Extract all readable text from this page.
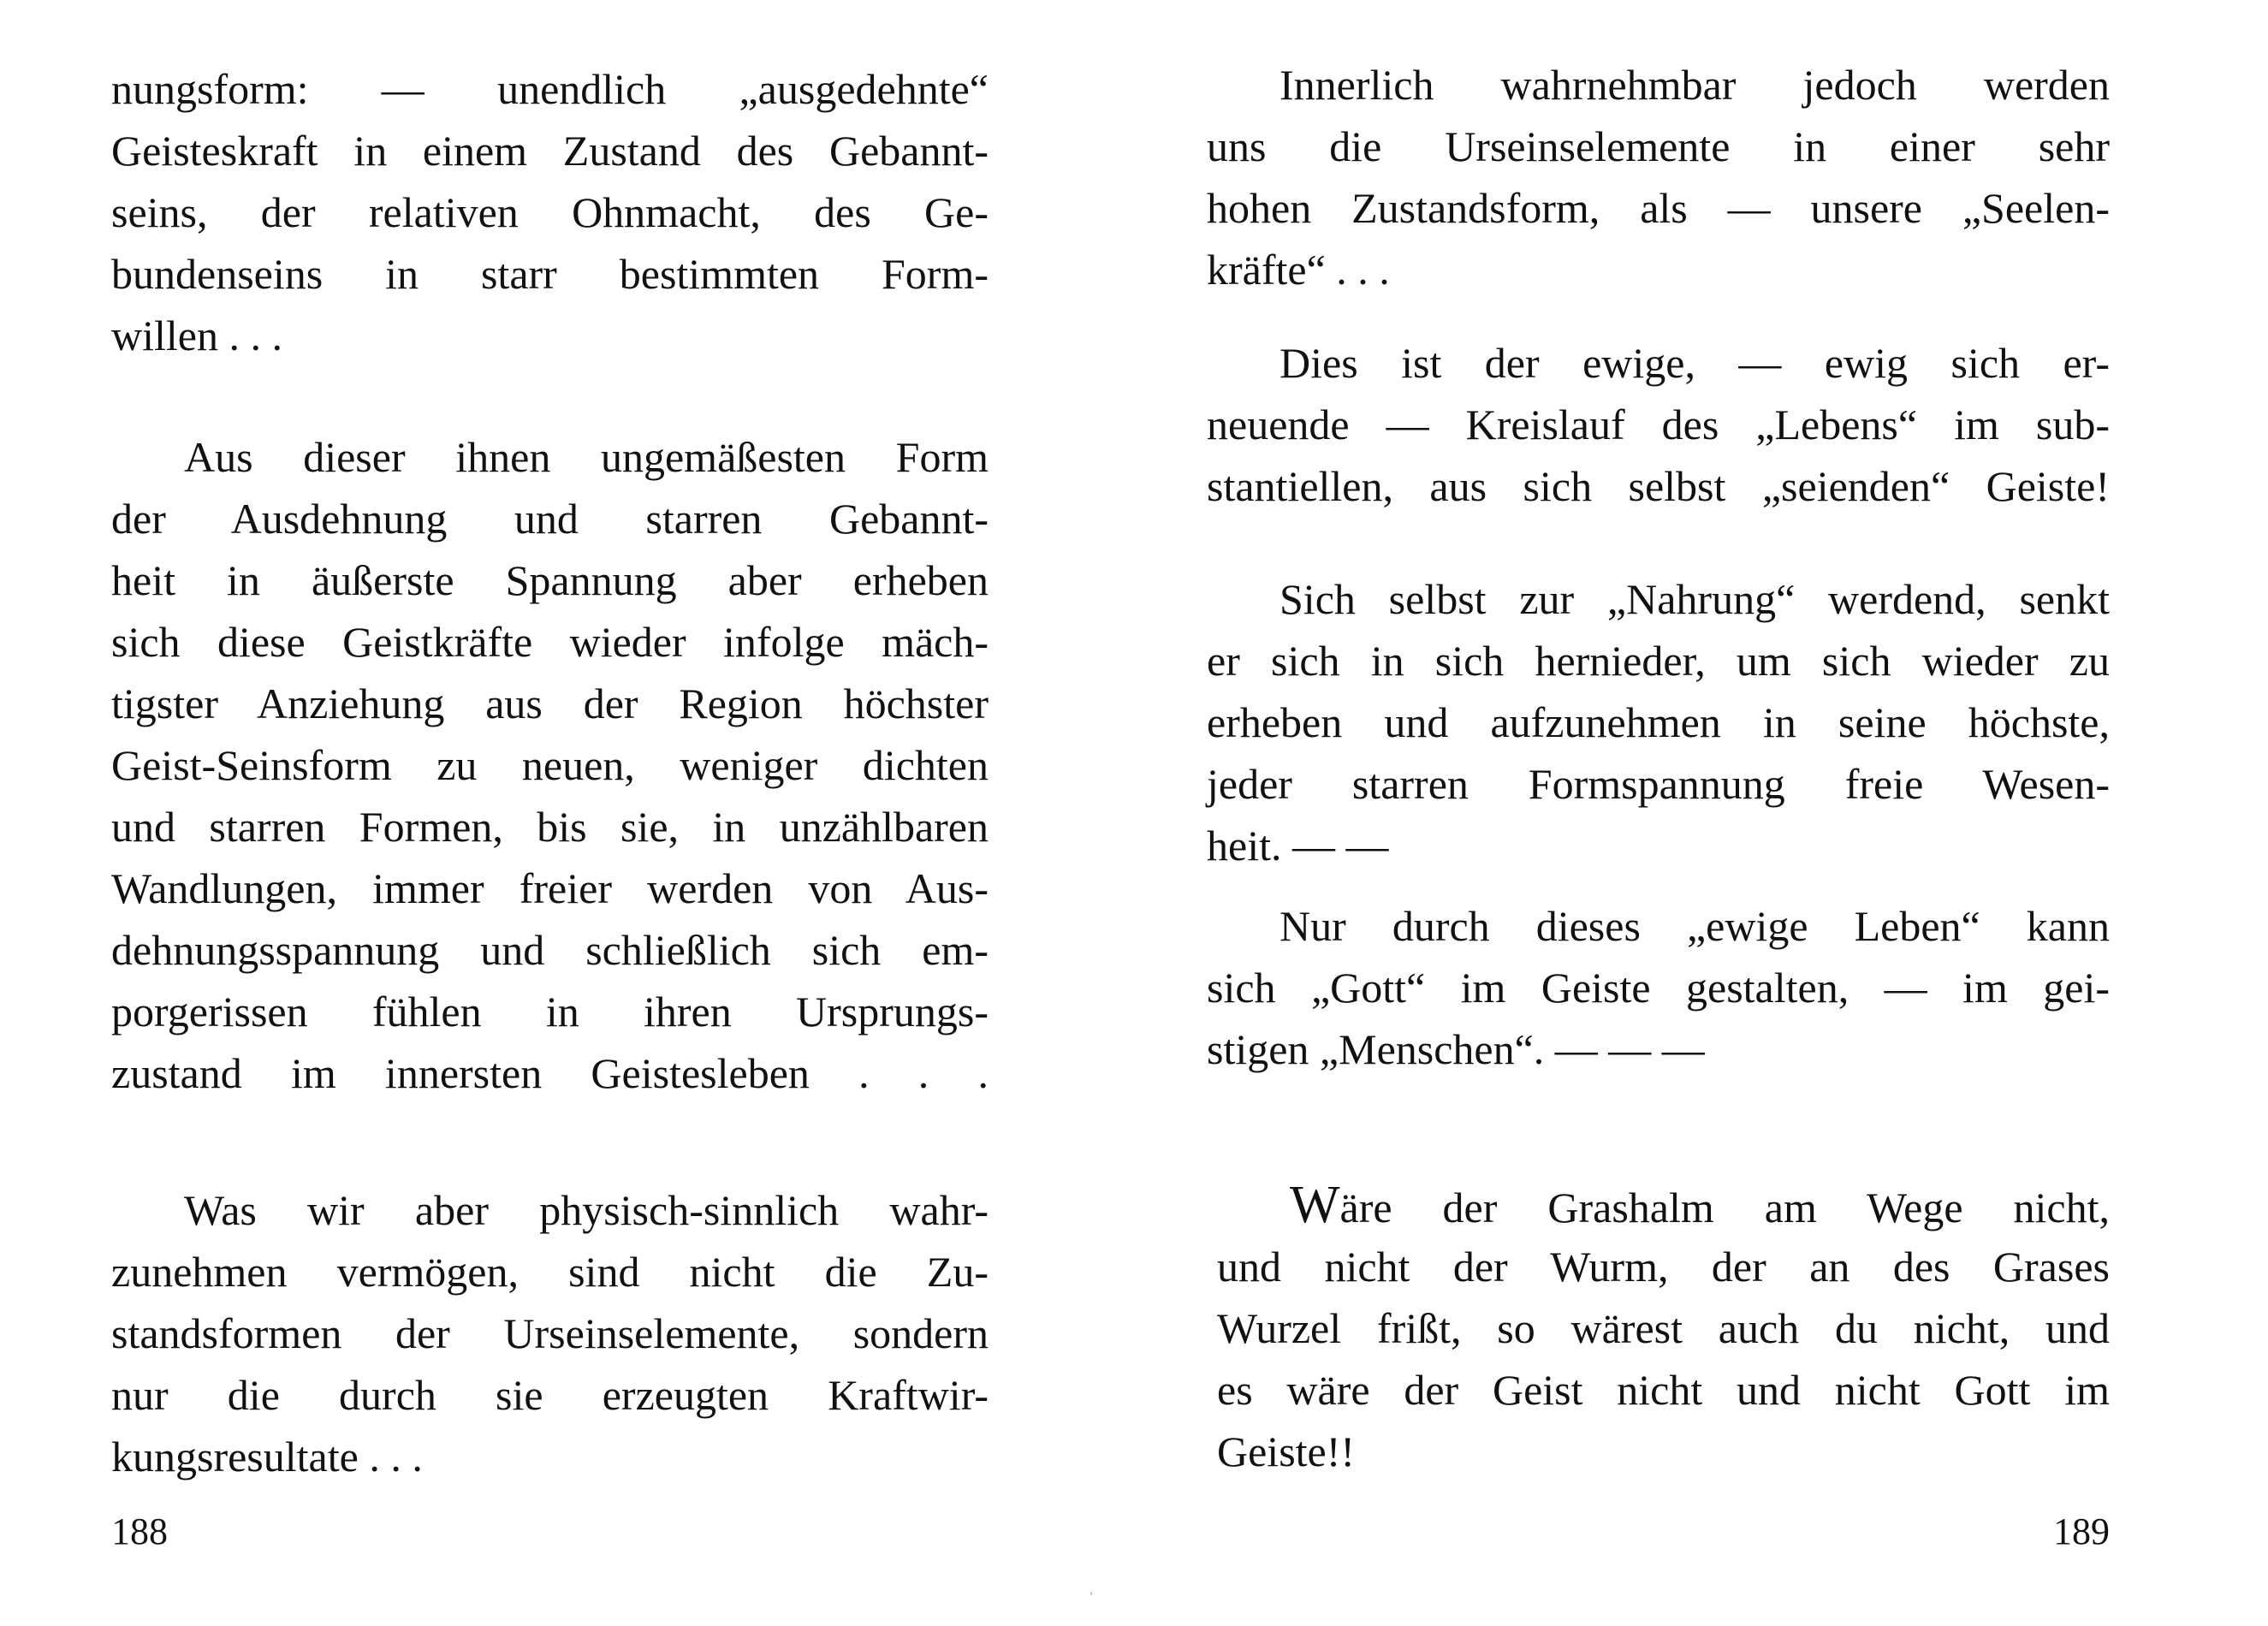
nungsform: — unendlich „ausgedehnte“
Geisteskraft in einem Zustand des Gebannt-
seins, der relativen Ohnmacht, des Ge-
bundenseins in starr bestimmten Form-
willen . . .
Aus dieser ihnen ungemäßesten Form
der Ausdehnung und starren Gebannt-
heit in äußerste Spannung aber erheben
sich diese Geistkräfte wieder infolge mäch-
tigster Anziehung aus der Region höchster
Geist-Seinsform zu neuen, weniger dichten
und starren Formen, bis sie, in unzählbaren
Wandlungen, immer freier werden von Aus-
dehnungsspannung und schließlich sich em-
porgerissen fühlen in ihren Ursprungs-
zustand im innersten Geistesleben . . .
Was wir aber physisch-sinnlich wahr-
zunehmen vermögen, sind nicht die Zu-
standsformen der Urseinselemente, sondern
nur die durch sie erzeugten Kraftwir-
kungsresultate . . .
188
Innerlich wahrnehmbar jedoch werden
uns die Urseinselemente in einer sehr
hohen Zustandsform, als — unsere „Seelen-
kräfte“ . . .
Dies ist der ewige, — ewig sich er-
neuende — Kreislauf des „Lebens“ im sub-
stantiellen, aus sich selbst „seienden“ Geiste!
Sich selbst zur „Nahrung“ werdend, senkt
er sich in sich hernieder, um sich wieder zu
erheben und aufzunehmen in seine höchste,
jeder starren Formspannung freie Wesen-
heit. — —
Nur durch dieses „ewige Leben“ kann
sich „Gott“ im Geiste gestalten, — im gei-
stigen „Menschen“. — — —
Wäre der Grashalm am Wege nicht,
und nicht der Wurm, der an des Grases
Wurzel frißt, so wärest auch du nicht, und
es wäre der Geist nicht und nicht Gott im
Geiste!!
189
